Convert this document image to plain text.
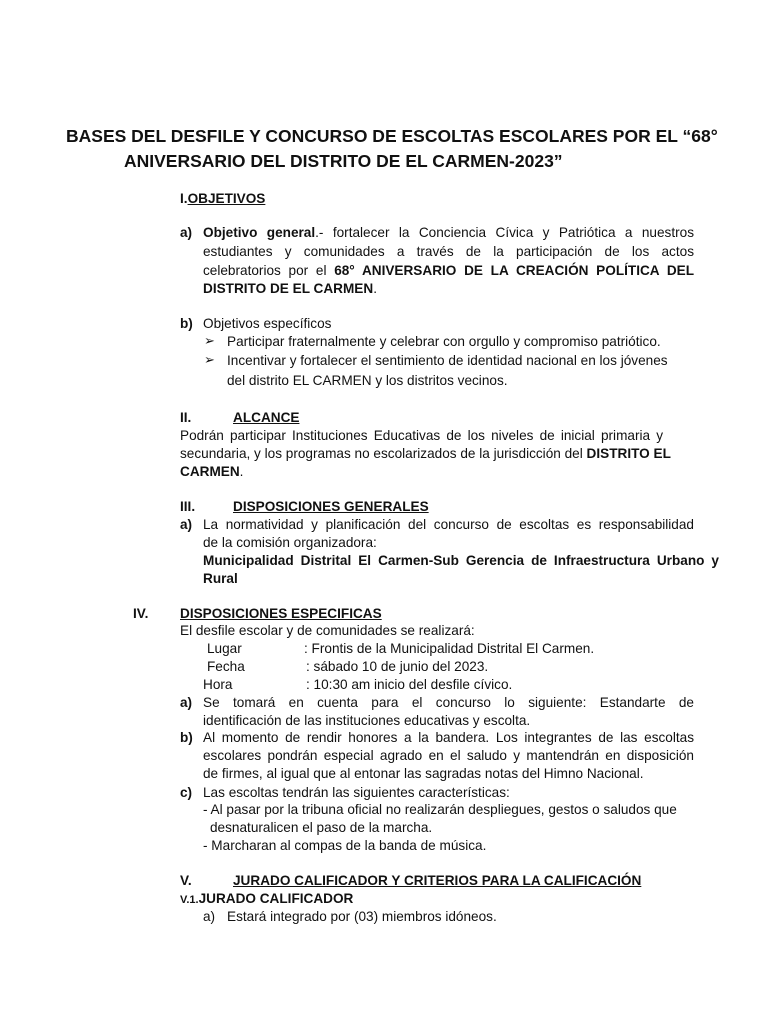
BASES DEL DESFILE Y CONCURSO DE ESCOLTAS ESCOLARES POR EL “68°
ANIVERSARIO DEL DISTRITO DE EL CARMEN-2023”
I.OBJETIVOS
a) Objetivo general.- fortalecer la Conciencia Cívica y Patriótica a nuestros
estudiantes y comunidades a través de la participación de los actos
celebratorios por el 68° ANIVERSARIO DE LA CREACIÓN POLÍTICA DEL
DISTRITO DE EL CARMEN.
b) Objetivos específicos
➢ Participar fraternalmente y celebrar con orgullo y compromiso patriótico.
➢ Incentivar y fortalecer el sentimiento de identidad nacional en los jóvenes
del distrito EL CARMEN y los distritos vecinos.
II.	ALCANCE
Podrán participar Instituciones Educativas de los niveles de inicial primaria y
secundaria, y los programas no escolarizados de la jurisdicción del DISTRITO EL
CARMEN.
III.	DISPOSICIONES GENERALES
a) La normatividad y planificación del concurso de escoltas es responsabilidad
de la comisión organizadora:
Municipalidad Distrital El Carmen-Sub Gerencia de Infraestructura Urbano y
Rural
IV. DISPOSICIONES ESPECIFICAS
El desfile escolar y de comunidades se realizará:
Lugar	: Frontis de la Municipalidad Distrital El Carmen.
Fecha	: sábado 10 de junio del 2023.
Hora	: 10:30 am inicio del desfile cívico.
a) Se tomará en cuenta para el concurso lo siguiente: Estandarte de
identificación de las instituciones educativas y escolta.
b) Al momento de rendir honores a la bandera. Los integrantes de las escoltas
escolares pondrán especial agrado en el saludo y mantendrán en disposición
de firmes, al igual que al entonar las sagradas notas del Himno Nacional.
c) Las escoltas tendrán las siguientes características:
- Al pasar por la tribuna oficial no realizarán despliegues, gestos o saludos que
desnaturalicen el paso de la marcha.
- Marcharan al compas de la banda de música.
V.	JURADO CALIFICADOR Y CRITERIOS PARA LA CALIFICACIÓN
V.1.JURADO CALIFICADOR
a) Estará integrado por (03) miembros idóneos.
